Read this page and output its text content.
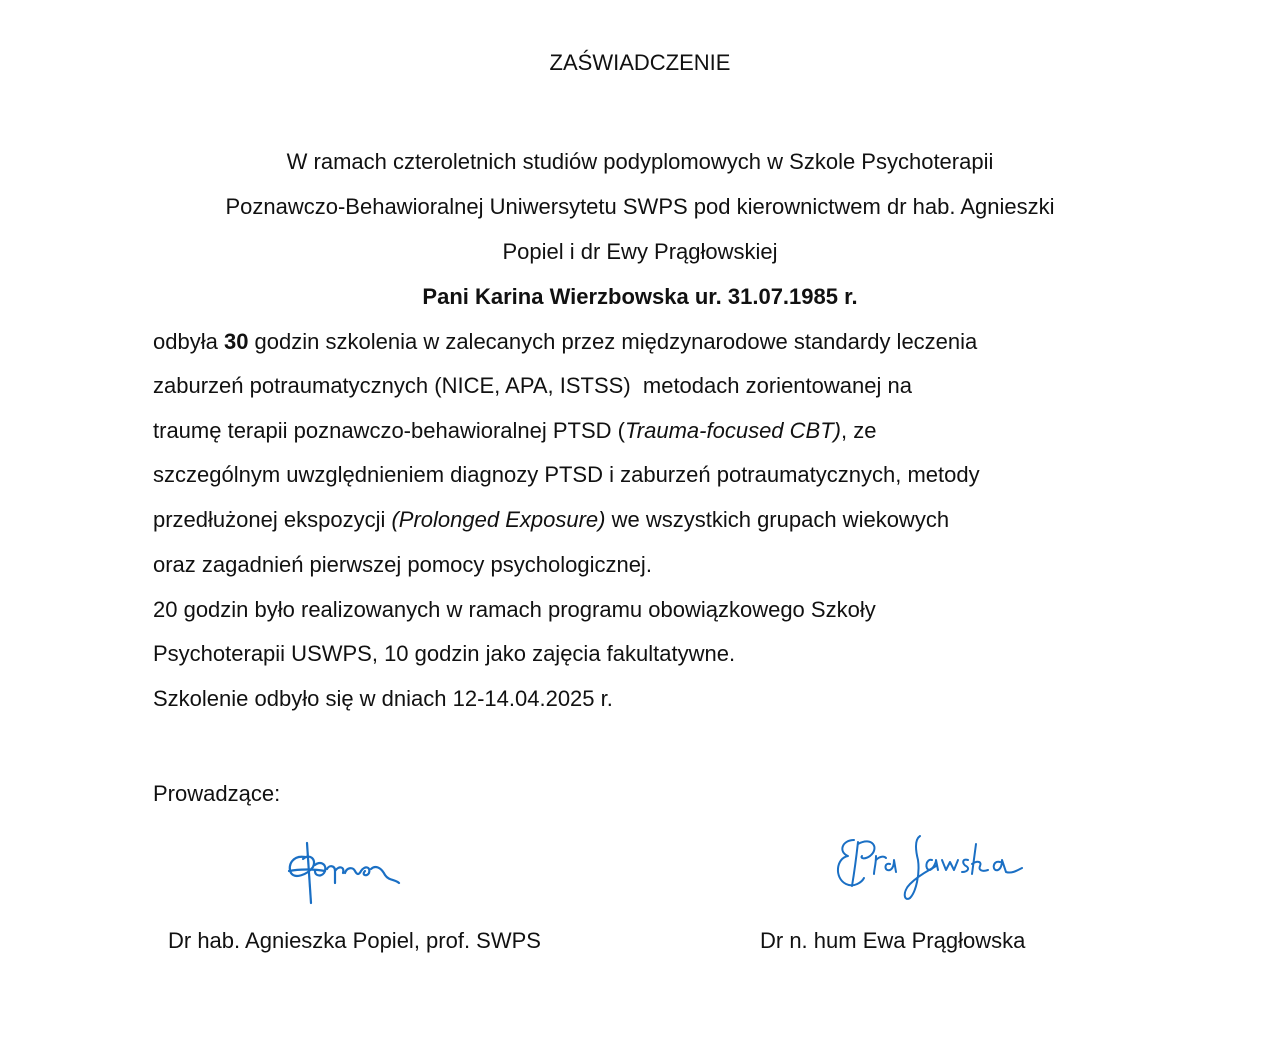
ZAŚWIADCZENIE
W ramach czteroletnich studiów podyplomowych w Szkole Psychoterapii
Poznawczo-Behawioralnej Uniwersytetu SWPS pod kierownictwem dr hab. Agnieszki
Popiel i dr Ewy Prągłowskiej
Pani Karina Wierzbowska ur. 31.07.1985 r.
odbyła 30 godzin szkolenia w zalecanych przez międzynarodowe standardy leczenia
zaburzeń potraumatycznych (NICE, APA, ISTSS)  metodach zorientowanej na
traumę terapii poznawczo-behawioralnej PTSD (Trauma-focused CBT), ze
szczególnym uwzględnieniem diagnozy PTSD i zaburzeń potraumatycznych, metody
przedłużonej ekspozycji (Prolonged Exposure) we wszystkich grupach wiekowych
oraz zagadnień pierwszej pomocy psychologicznej.
20 godzin było realizowanych w ramach programu obowiązkowego Szkoły
Psychoterapii USWPS, 10 godzin jako zajęcia fakultatywne.
Szkolenie odbyło się w dniach 12-14.04.2025 r.
Prowadzące:
Dr hab. Agnieszka Popiel, prof. SWPS	Dr n. hum Ewa Prągłowska
